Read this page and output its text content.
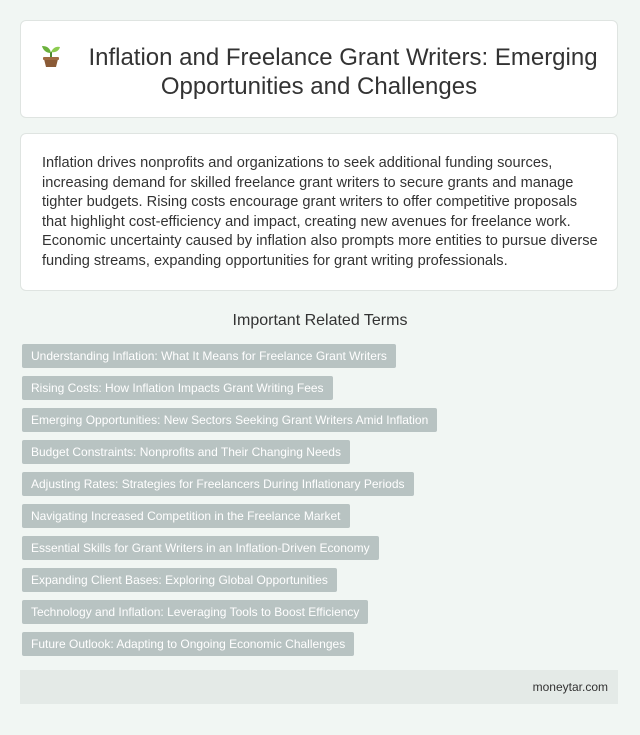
Inflation and Freelance Grant Writers: Emerging Opportunities and Challenges

Inflation drives nonprofits and organizations to seek additional funding sources, increasing demand for skilled freelance grant writers to secure grants and manage tighter budgets. Rising costs encourage grant writers to offer competitive proposals that highlight cost-efficiency and impact, creating new avenues for freelance work. Economic uncertainty caused by inflation also prompts more entities to pursue diverse funding streams, expanding opportunities for grant writing professionals.

Important Related Terms
Understanding Inflation: What It Means for Freelance Grant Writers
Rising Costs: How Inflation Impacts Grant Writing Fees
Emerging Opportunities: New Sectors Seeking Grant Writers Amid Inflation
Budget Constraints: Nonprofits and Their Changing Needs
Adjusting Rates: Strategies for Freelancers During Inflationary Periods
Navigating Increased Competition in the Freelance Market
Essential Skills for Grant Writers in an Inflation-Driven Economy
Expanding Client Bases: Exploring Global Opportunities
Technology and Inflation: Leveraging Tools to Boost Efficiency
Future Outlook: Adapting to Ongoing Economic Challenges
moneytar.com
